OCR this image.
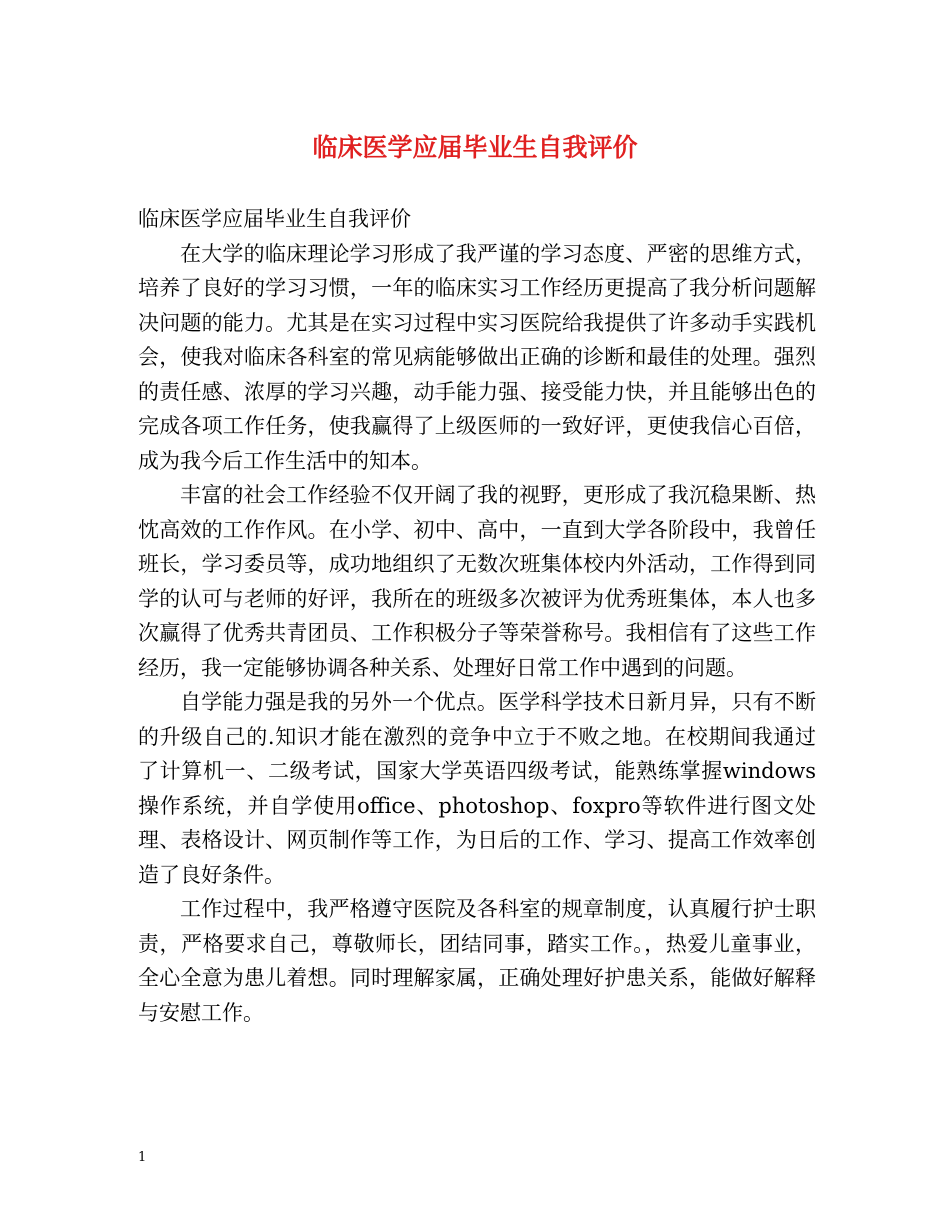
临床医学应届毕业生自我评价

临床医学应届毕业生自我评价

在大学的临床理论学习形成了我严谨的学习态度、严密的思维方式，培养了良好的学习习惯，一年的临床实习工作经历更提高了我分析问题解决问题的能力。尤其是在实习过程中实习医院给我提供了许多动手实践机会，使我对临床各科室的常见病能够做出正确的诊断和最佳的处理。强烈的责任感、浓厚的学习兴趣，动手能力强、接受能力快，并且能够出色的完成各项工作任务，使我赢得了上级医师的一致好评，更使我信心百倍，成为我今后工作生活中的知本。

丰富的社会工作经验不仅开阔了我的视野，更形成了我沉稳果断、热忱高效的工作作风。在小学、初中、高中，一直到大学各阶段中，我曾任班长，学习委员等，成功地组织了无数次班集体校内外活动，工作得到同学的认可与老师的好评，我所在的班级多次被评为优秀班集体，本人也多次赢得了优秀共青团员、工作积极分子等荣誉称号。我相信有了这些工作经历，我一定能够协调各种关系、处理好日常工作中遇到的问题。

自学能力强是我的另外一个优点。医学科学技术日新月异，只有不断的升级自己的.知识才能在激烈的竞争中立于不败之地。在校期间我通过了计算机一、二级考试，国家大学英语四级考试，能熟练掌握windows操作系统，并自学使用office、photoshop、foxpro等软件进行图文处理、表格设计、网页制作等工作，为日后的工作、学习、提高工作效率创造了良好条件。

工作过程中，我严格遵守医院及各科室的规章制度，认真履行护士职责，严格要求自己，尊敬师长，团结同事，踏实工作。，热爱儿童事业，全心全意为患儿着想。同时理解家属，正确处理好护患关系，能做好解释与安慰工作。

1
